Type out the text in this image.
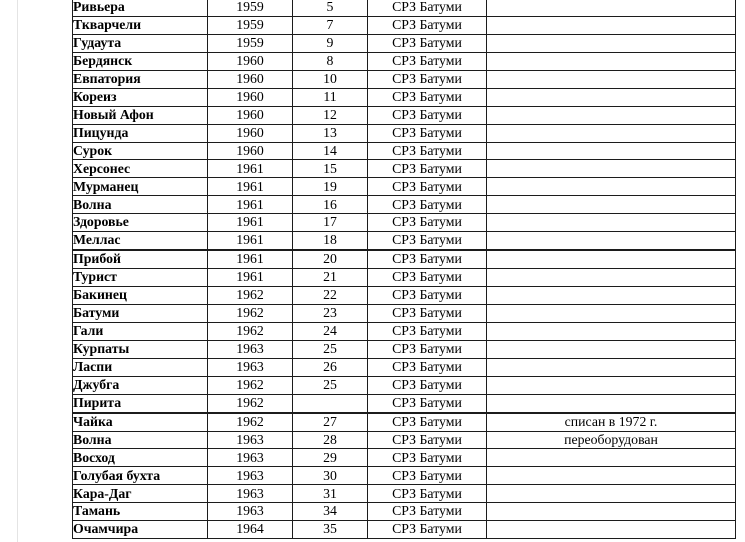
Ривьера	1959	5	СРЗ Батуми	
Ткварчели	1959	7	СРЗ Батуми	
Гудаута	1959	9	СРЗ Батуми	
Бердянск	1960	8	СРЗ Батуми	
Евпатория	1960	10	СРЗ Батуми	
Кореиз	1960	11	СРЗ Батуми	
Новый Афон	1960	12	СРЗ Батуми	
Пицунда	1960	13	СРЗ Батуми	
Сурок	1960	14	СРЗ Батуми	
Херсонес	1961	15	СРЗ Батуми	
Мурманец	1961	19	СРЗ Батуми	
Волна	1961	16	СРЗ Батуми	
Здоровье	1961	17	СРЗ Батуми	
Меллас	1961	18	СРЗ Батуми	
Прибой	1961	20	СРЗ Батуми	
Турист	1961	21	СРЗ Батуми	
Бакинец	1962	22	СРЗ Батуми	
Батуми	1962	23	СРЗ Батуми	
Гали	1962	24	СРЗ Батуми	
Курпаты	1963	25	СРЗ Батуми	
Ласпи	1963	26	СРЗ Батуми	
Джубга	1962	25	СРЗ Батуми	
Пирита	1962		СРЗ Батуми	
Чайка	1962	27	СРЗ Батуми	списан в 1972 г.
Волна	1963	28	СРЗ Батуми	переоборудован
Восход	1963	29	СРЗ Батуми	
Голубая бухта	1963	30	СРЗ Батуми	
Кара-Даг	1963	31	СРЗ Батуми	
Тамань	1963	34	СРЗ Батуми	
Очамчира	1964	35	СРЗ Батуми	
